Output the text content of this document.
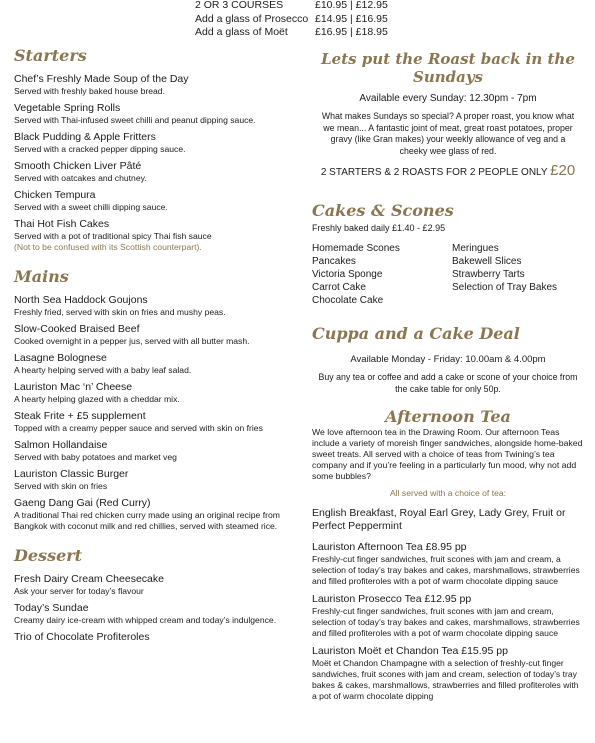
2 OR 3 COURSES	£10.95 | £12.95
Add a glass of Prosecco £14.95 | £16.95
Add a glass of Moët	£16.95 | £18.95
Starters
Chef’s Freshly Made Soup of the Day
Served with freshly baked house bread.
Vegetable Spring Rolls
Served with Thai-infused sweet chilli and peanut dipping sauce.
Black Pudding & Apple Fritters
Served with a cracked pepper dipping sauce.
Smooth Chicken Liver Pâté
Served with oatcakes and chutney.
Chicken Tempura
Served with a sweet chilli dipping sauce.
Thai Hot Fish Cakes
Served with a pot of traditional spicy Thai fish sauce
(Not to be confused with its Scottish counterpart).
Mains
North Sea Haddock Goujons
Freshly fried, served with skin on fries and mushy peas.
Slow-Cooked Braised Beef
Cooked overnight in a pepper jus, served with all butter mash.
Lasagne Bolognese
A hearty helping served with a baby leaf salad.
Lauriston Mac ‘n’ Cheese
A hearty helping glazed with a cheddar mix.
Steak Frite + £5 supplement
Topped with a creamy pepper sauce and served with skin on fries
Salmon Hollandaise
Served with baby potatoes and market veg
Lauriston Classic Burger
Served with skin on fries
Gaeng Dang Gai (Red Curry)
A traditional Thai red chicken curry made using an original recipe from Bangkok with coconut milk and red chillies, served with steamed rice.
Dessert
Fresh Dairy Cream Cheesecake
Ask your server for today’s flavour
Today’s Sundae
Creamy dairy ice-cream with whipped cream and today’s indulgence.
Trio of Chocolate Profiteroles
Lets put the Roast back in the Sundays
Available every Sunday: 12.30pm - 7pm
What makes Sundays so special? A proper roast, you know what we mean... A fantastic joint of meat, great roast potatoes, proper gravy (like Gran makes) your weekly allowance of veg and a cheeky wee glass of red.
2 STARTERS & 2 ROASTS FOR 2 PEOPLE ONLY £20
Cakes & Scones
Freshly baked daily £1.40 - £2.95
Homemade Scones
Pancakes
Victoria Sponge
Carrot Cake
Chocolate Cake
Meringues
Bakewell Slices
Strawberry Tarts
Selection of Tray Bakes
Cuppa and a Cake Deal
Available Monday - Friday: 10.00am & 4.00pm
Buy any tea or coffee and add a cake or scone of your choice from the cake table for only 50p.
Afternoon Tea
We love afternoon tea in the Drawing Room. Our afternoon Teas include a variety of moreish finger sandwiches, alongside home-baked sweet treats. All served with a choice of teas from Twining’s tea company and if you’re feeling in a particularly fun mood, why not add some bubbles?
All served with a choice of tea:
English Breakfast, Royal Earl Grey, Lady Grey, Fruit or Perfect Peppermint
Lauriston Afternoon Tea £8.95 pp
Freshly-cut finger sandwiches, fruit scones with jam and cream, a selection of today’s tray bakes and cakes, marshmallows, strawberries and filled profiteroles with a pot of warm chocolate dipping sauce
Lauriston Prosecco Tea £12.95 pp
Freshly-cut finger sandwiches, fruit scones with jam and cream, selection of today’s tray bakes and cakes, marshmallows, strawberries and filled profiteroles with a pot of warm chocolate dipping sauce
Lauriston Moët et Chandon Tea £15.95 pp
Moët et Chandon Champagne with a selection of freshly-cut finger sandwiches, fruit scones with jam and cream, selection of today’s tray bakes & cakes, marshmallows, strawberries and filled profiteroles with a pot of warm chocolate dipping
